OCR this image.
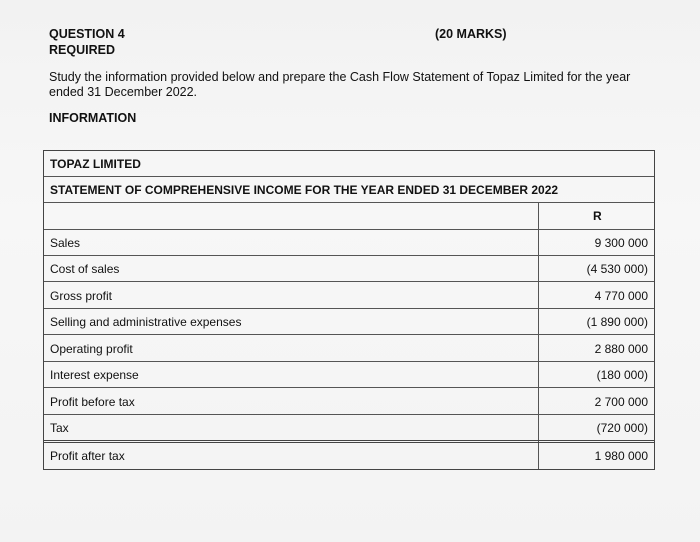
QUESTION 4	(20 MARKS)
REQUIRED
Study the information provided below and prepare the Cash Flow Statement of Topaz Limited for the year ended 31 December 2022.
INFORMATION
TOPAZ LIMITED
STATEMENT OF COMPREHENSIVE INCOME FOR THE YEAR ENDED 31 DECEMBER 2022
R
Sales	9 300 000
Cost of sales	(4 530 000)
Gross profit	4 770 000
Selling and administrative expenses	(1 890 000)
Operating profit	2 880 000
Interest expense	(180 000)
Profit before tax	2 700 000
Tax	(720 000)
Profit after tax	1 980 000
